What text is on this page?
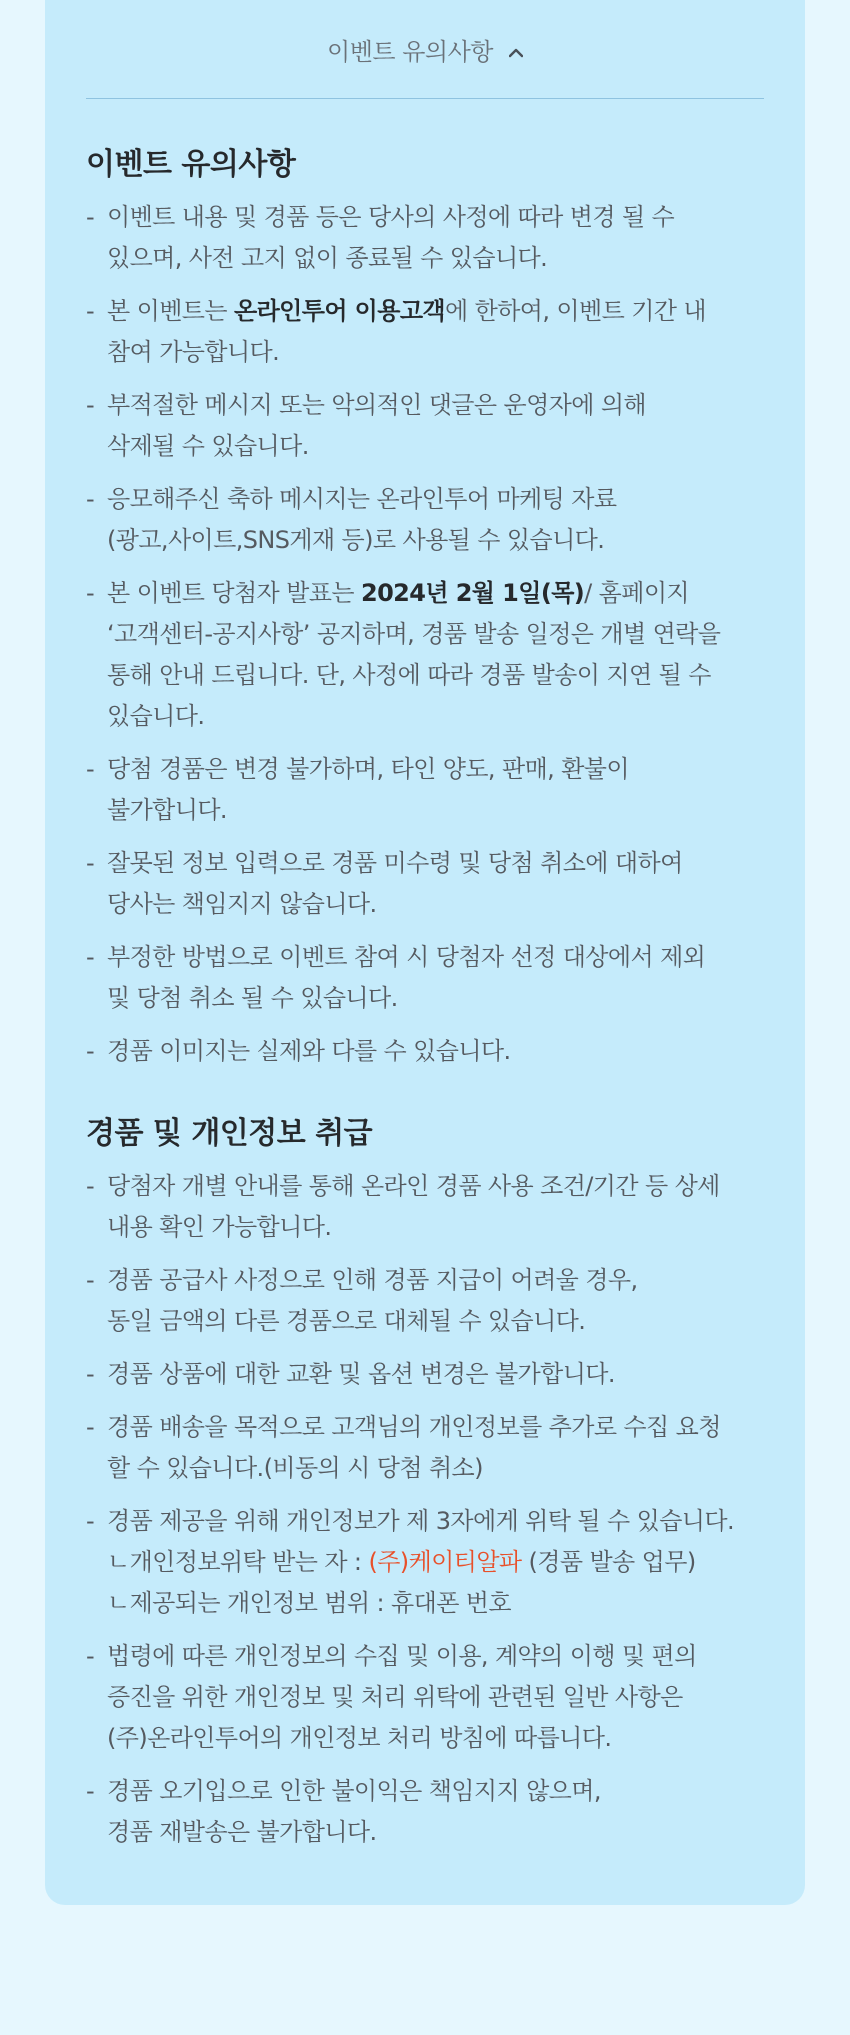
이벤트 유의사항
이벤트 유의사항
- 이벤트 내용 및 경품 등은 당사의 사정에 따라 변경 될 수
있으며, 사전 고지 없이 종료될 수 있습니다.
- 본 이벤트는 온라인투어 이용고객에 한하여, 이벤트 기간 내
참여 가능합니다.
- 부적절한 메시지 또는 악의적인 댓글은 운영자에 의해
삭제될 수 있습니다.
- 응모해주신 축하 메시지는 온라인투어 마케팅 자료
(광고,사이트,SNS게재 등)로 사용될 수 있습니다.
- 본 이벤트 당첨자 발표는 2024년 2월 1일(목)/ 홈페이지
‘고객센터-공지사항’ 공지하며, 경품 발송 일정은 개별 연락을
통해 안내 드립니다. 단, 사정에 따라 경품 발송이 지연 될 수
있습니다.
- 당첨 경품은 변경 불가하며, 타인 양도, 판매, 환불이
불가합니다.
- 잘못된 정보 입력으로 경품 미수령 및 당첨 취소에 대하여
당사는 책임지지 않습니다.
- 부정한 방법으로 이벤트 참여 시 당첨자 선정 대상에서 제외
및 당첨 취소 될 수 있습니다.
- 경품 이미지는 실제와 다를 수 있습니다.
경품 및 개인정보 취급
- 당첨자 개별 안내를 통해 온라인 경품 사용 조건/기간 등 상세
내용 확인 가능합니다.
- 경품 공급사 사정으로 인해 경품 지급이 어려울 경우,
동일 금액의 다른 경품으로 대체될 수 있습니다.
- 경품 상품에 대한 교환 및 옵션 변경은 불가합니다.
- 경품 배송을 목적으로 고객님의 개인정보를 추가로 수집 요청
할 수 있습니다.(비동의 시 당첨 취소)
- 경품 제공을 위해 개인정보가 제 3자에게 위탁 될 수 있습니다.
ㄴ개인정보위탁 받는 자 : (주)케이티알파 (경품 발송 업무)
ㄴ제공되는 개인정보 범위 : 휴대폰 번호
- 법령에 따른 개인정보의 수집 및 이용, 계약의 이행 및 편의
증진을 위한 개인정보 및 처리 위탁에 관련된 일반 사항은
(주)온라인투어의 개인정보 처리 방침에 따릅니다.
- 경품 오기입으로 인한 불이익은 책임지지 않으며,
경품 재발송은 불가합니다.
